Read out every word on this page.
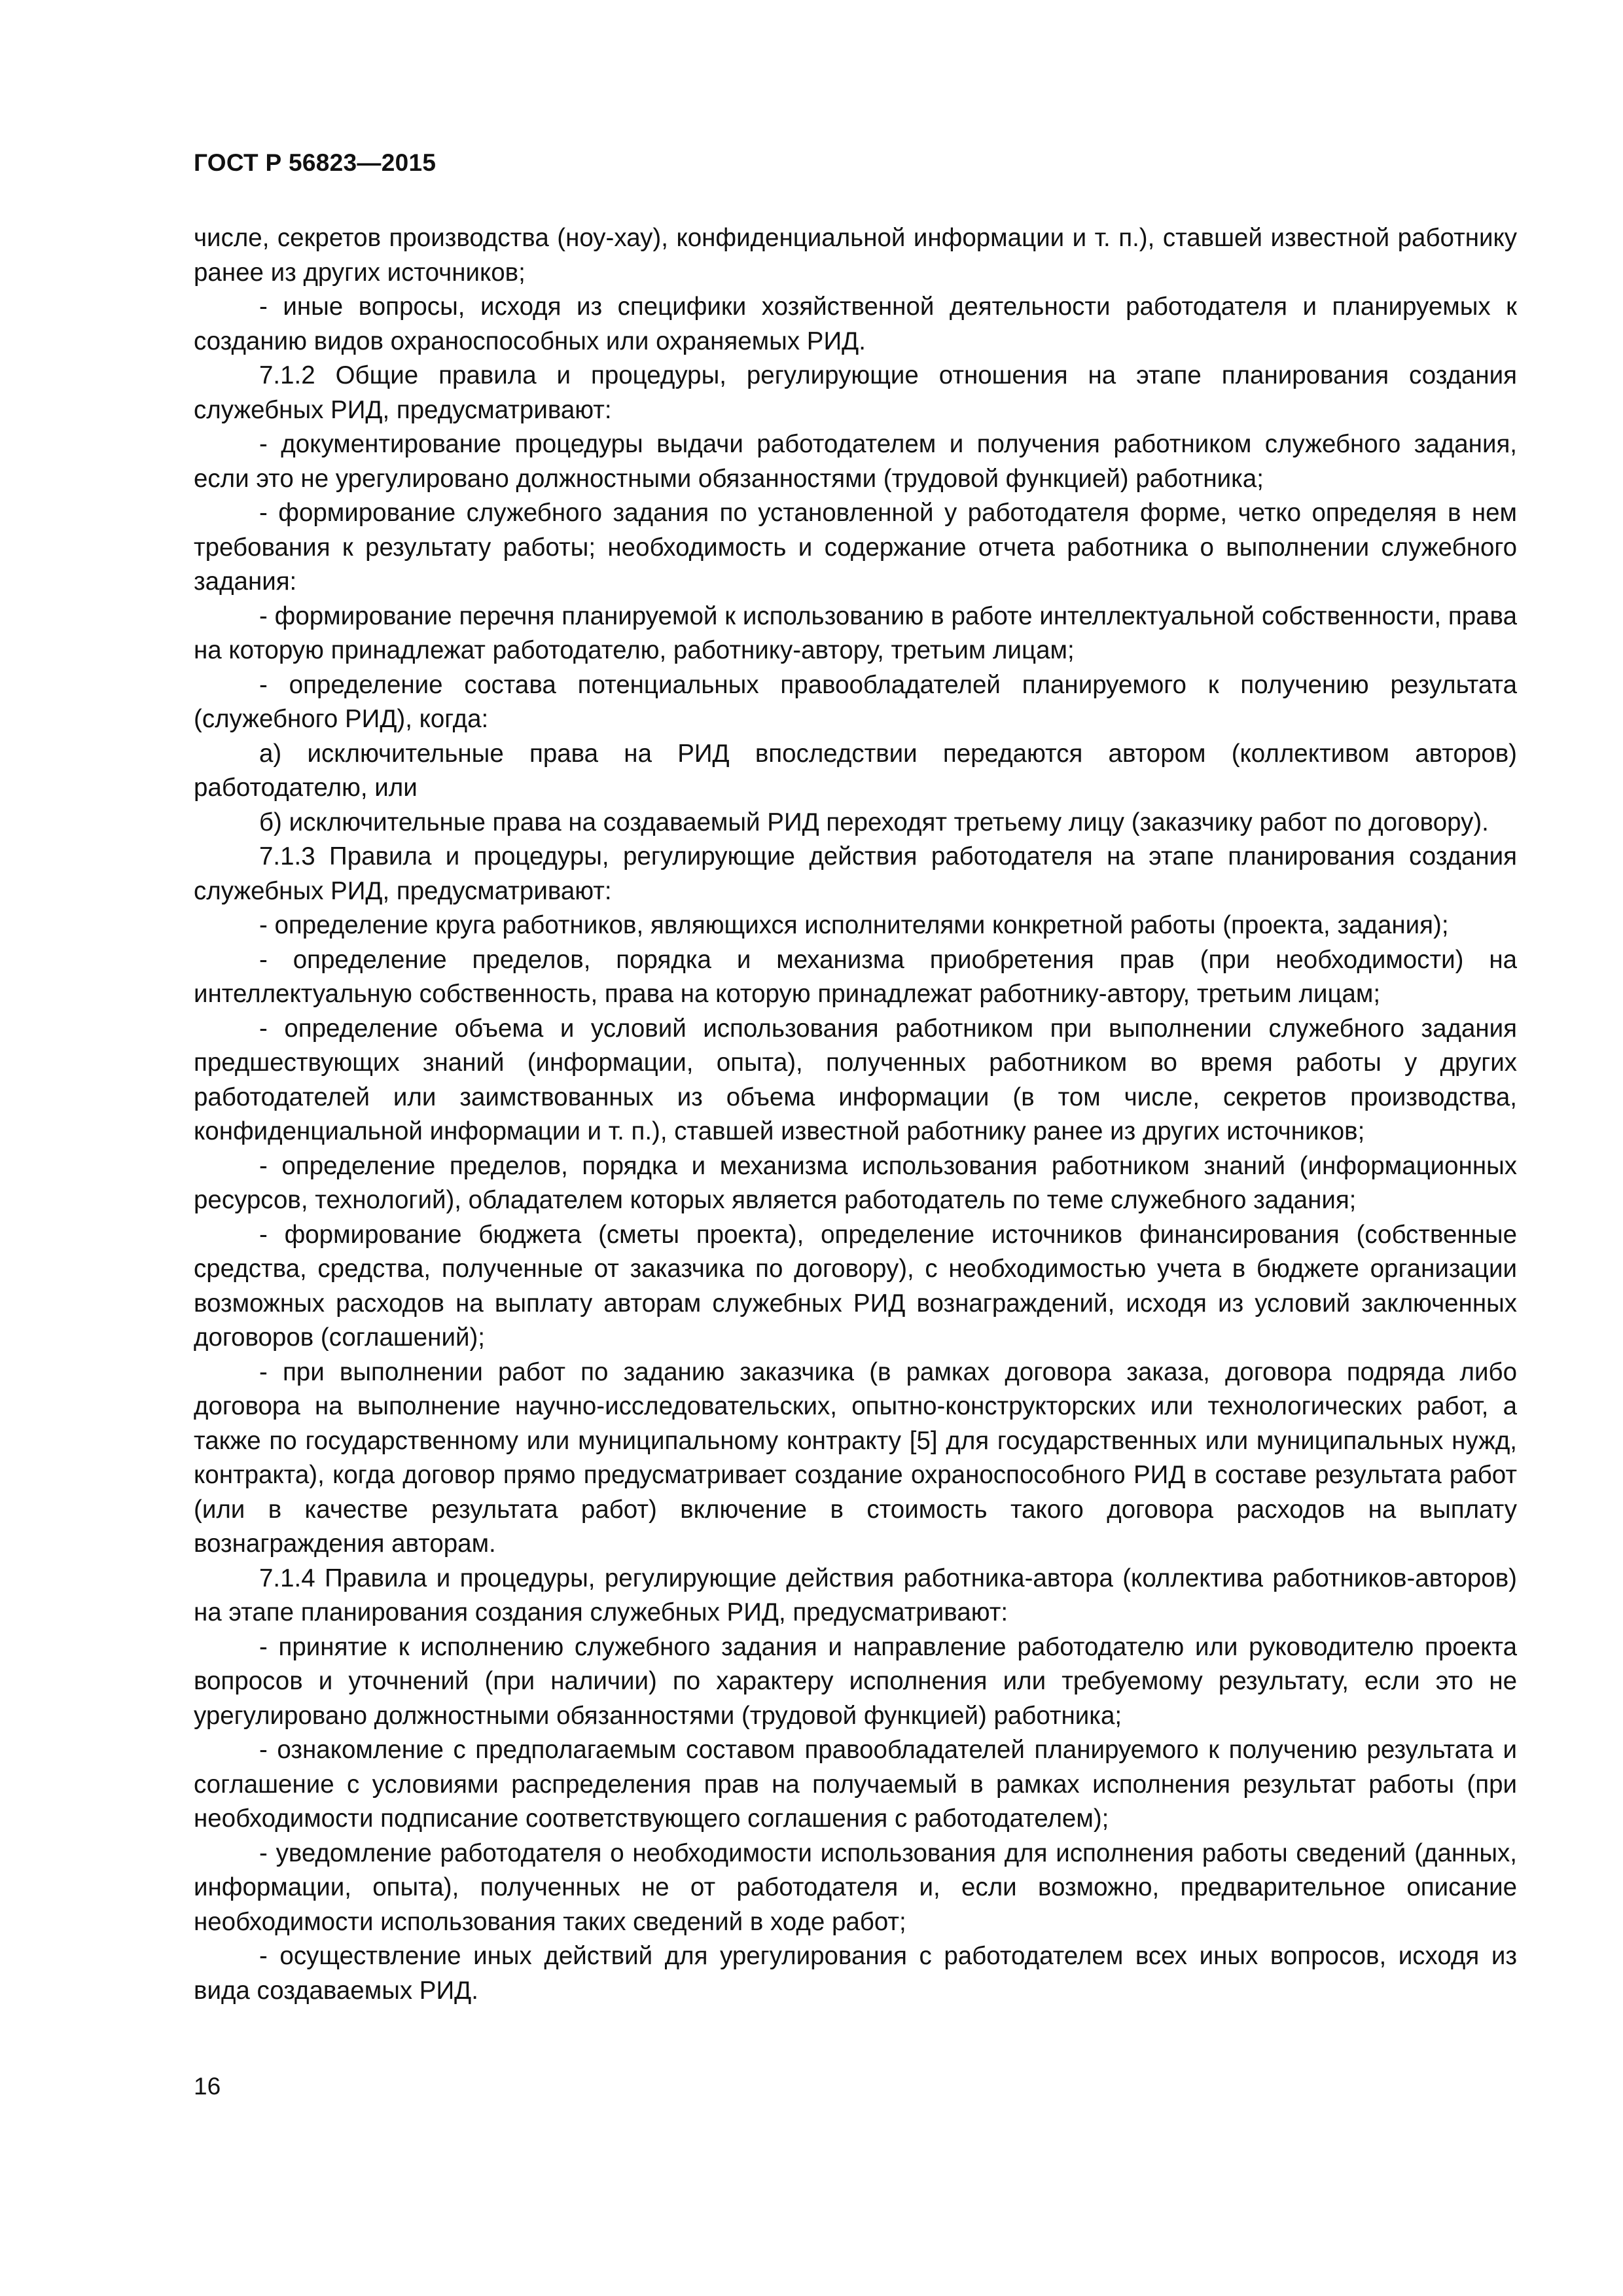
ГОСТ Р 56823—2015

числе, секретов производства (ноу-хау), конфиденциальной информации и т. п.), ставшей известной работнику ранее из других источников;

- иные вопросы, исходя из специфики хозяйственной деятельности работодателя и планируемых к созданию видов охраноспособных или охраняемых РИД.

7.1.2 Общие правила и процедуры, регулирующие отношения на этапе планирования создания служебных РИД, предусматривают:

- документирование процедуры выдачи работодателем и получения работником служебного задания, если это не урегулировано должностными обязанностями (трудовой функцией) работника;

- формирование служебного задания по установленной у работодателя форме, четко определяя в нем требования к результату работы; необходимость и содержание отчета работника о выполнении служебного задания:

- формирование перечня планируемой к использованию в работе интеллектуальной собственности, права на которую принадлежат работодателю, работнику-автору, третьим лицам;

- определение состава потенциальных правообладателей планируемого к получению результата (служебного РИД), когда:

а) исключительные права на РИД впоследствии передаются автором (коллективом авторов) работодателю, или

б) исключительные права на создаваемый РИД переходят третьему лицу (заказчику работ по договору).

7.1.3 Правила и процедуры, регулирующие действия работодателя на этапе планирования создания служебных РИД, предусматривают:

- определение круга работников, являющихся исполнителями конкретной работы (проекта, задания);

- определение пределов, порядка и механизма приобретения прав (при необходимости) на интеллектуальную собственность, права на которую принадлежат работнику-автору, третьим лицам;

- определение объема и условий использования работником при выполнении служебного задания предшествующих знаний (информации, опыта), полученных работником во время работы у других работодателей или заимствованных из объема информации (в том числе, секретов производства, конфиденциальной информации и т. п.), ставшей известной работнику ранее из других источников;

- определение пределов, порядка и механизма использования работником знаний (информационных ресурсов, технологий), обладателем которых является работодатель по теме служебного задания;

- формирование бюджета (сметы проекта), определение источников финансирования (собственные средства, средства, полученные от заказчика по договору), с необходимостью учета в бюджете организации возможных расходов на выплату авторам служебных РИД вознаграждений, исходя из условий заключенных договоров (соглашений);

- при выполнении работ по заданию заказчика (в рамках договора заказа, договора подряда либо договора на выполнение научно-исследовательских, опытно-конструкторских или технологических работ, а также по государственному или муниципальному контракту [5] для государственных или муниципальных нужд, контракта), когда договор прямо предусматривает создание охраноспособного РИД в составе результата работ (или в качестве результата работ) включение в стоимость такого договора расходов на выплату вознаграждения авторам.

7.1.4 Правила и процедуры, регулирующие действия работника-автора (коллектива работников-авторов) на этапе планирования создания служебных РИД, предусматривают:

- принятие к исполнению служебного задания и направление работодателю или руководителю проекта вопросов и уточнений (при наличии) по характеру исполнения или требуемому результату, если это не урегулировано должностными обязанностями (трудовой функцией) работника;

- ознакомление с предполагаемым составом правообладателей планируемого к получению результата и соглашение с условиями распределения прав на получаемый в рамках исполнения результат работы (при необходимости подписание соответствующего соглашения с работодателем);

- уведомление работодателя о необходимости использования для исполнения работы сведений (данных, информации, опыта), полученных не от работодателя и, если возможно, предварительное описание необходимости использования таких сведений в ходе работ;

- осуществление иных действий для урегулирования с работодателем всех иных вопросов, исходя из вида создаваемых РИД.

16
